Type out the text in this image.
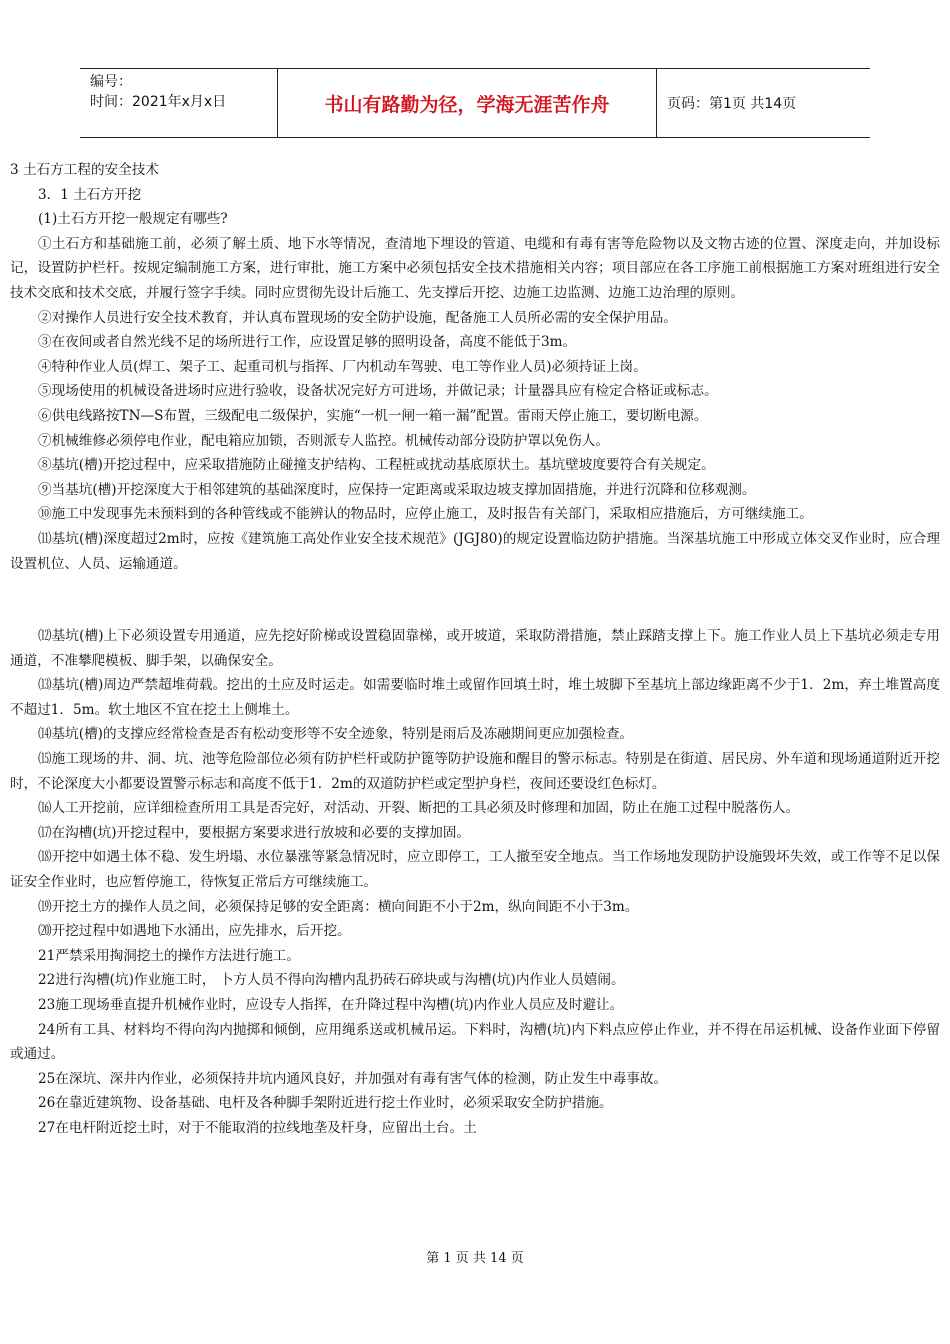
编号：
时间：2021年x月x日	书山有路勤为径，学海无涯苦作舟	页码：第1页 共14页

3 土石方工程的安全技术

3．1 土石方开挖

(1)土石方开挖一般规定有哪些?

①土石方和基础施工前，必须了解土质、地下水等情况，查清地下埋设的管道、电缆和有毒有害等危险物以及文物古迹的位置、深度走向，并加设标记，设置防护栏杆。按规定编制施工方案，进行审批，施工方案中必须包括安全技术措施相关内容；项目部应在各工序施工前根据施工方案对班组进行安全技术交底和技术交底，并履行签字手续。同时应贯彻先设计后施工、先支撑后开挖、边施工边监测、边施工边治理的原则。

②对操作人员进行安全技术教育，并认真布置现场的安全防护设施，配备施工人员所必需的安全保护用品。

③在夜间或者自然光线不足的场所进行工作，应设置足够的照明设备，高度不能低于3m。

④特种作业人员(焊工、架子工、起重司机与指挥、厂内机动车驾驶、电工等作业人员)必须持证上岗。

⑤现场使用的机械设备进场时应进行验收，设备状况完好方可进场，并做记录；计量器具应有检定合格证或标志。

⑥供电线路按TN—S布置，三级配电二级保护，实施“一机一闸一箱一漏”配置。雷雨天停止施工，要切断电源。

⑦机械维修必须停电作业，配电箱应加锁，否则派专人监控。机械传动部分设防护罩以免伤人。

⑧基坑(槽)开挖过程中，应采取措施防止碰撞支护结构、工程桩或扰动基底原状土。基坑壁坡度要符合有关规定。

⑨当基坑(槽)开挖深度大于相邻建筑的基础深度时，应保持一定距离或采取边坡支撑加固措施，并进行沉降和位移观测。

⑩施工中发现事先未预料到的各种管线或不能辨认的物品时，应停止施工，及时报告有关部门，采取相应措施后，方可继续施工。

⑾基坑(槽)深度超过2m时，应按《建筑施工高处作业安全技术规范》(JGJ80)的规定设置临边防护措施。当深基坑施工中形成立体交叉作业时，应合理设置机位、人员、运输通道。

⑿基坑(槽)上下必须设置专用通道，应先挖好阶梯或设置稳固靠梯，或开坡道，采取防滑措施，禁止踩踏支撑上下。施工作业人员上下基坑必须走专用通道，不准攀爬模板、脚手架，以确保安全。

⒀基坑(槽)周边严禁超堆荷载。挖出的土应及时运走。如需要临时堆土或留作回填土时，堆土坡脚下至基坑上部边缘距离不少于1．2m，弃土堆置高度不超过1．5m。软土地区不宜在挖土上侧堆土。

⒁基坑(槽)的支撑应经常检查是否有松动变形等不安全迹象，特别是雨后及冻融期间更应加强检查。

⒂施工现场的井、洞、坑、池等危险部位必须有防护栏杆或防护篦等防护设施和醒目的警示标志。特别是在街道、居民房、外车道和现场通道附近开挖时，不论深度大小都要设置警示标志和高度不低于1．2m的双道防护栏或定型护身栏，夜间还要设红色标灯。

⒃人工开挖前，应详细检查所用工具是否完好，对活动、开裂、断把的工具必须及时修理和加固，防止在施工过程中脱落伤人。

⒄在沟槽(坑)开挖过程中，要根据方案要求进行放坡和必要的支撑加固。

⒅开挖中如遇土体不稳、发生坍塌、水位暴涨等紧急情况时，应立即停工，工人撤至安全地点。当工作场地发现防护设施毁坏失效，或工作等不足以保证安全作业时，也应暂停施工，待恢复正常后方可继续施工。

⒆开挖土方的操作人员之间，必须保持足够的安全距离：横向间距不小于2m，纵向间距不小于3m。

⒇开挖过程中如遇地下水涌出，应先排水，后开挖。

21严禁采用掏洞挖土的操作方法进行施工。

22进行沟槽(坑)作业施工时， 卜方人员不得向沟槽内乱扔砖石碎块或与沟槽(坑)内作业人员嬉闹。

23施工现场垂直提升机械作业时，应设专人指挥，在升降过程中沟槽(坑)内作业人员应及时避让。

24所有工具、材料均不得向沟内抛掷和倾倒，应用绳系送或机械吊运。下料时，沟槽(坑)内下料点应停止作业，并不得在吊运机械、设备作业面下停留或通过。

25在深坑、深井内作业，必须保持井坑内通风良好，并加强对有毒有害气体的检测，防止发生中毒事故。

26在靠近建筑物、设备基础、电杆及各种脚手架附近进行挖土作业时，必须采取安全防护措施。

27在电杆附近挖土时，对于不能取消的拉线地垄及杆身，应留出土台。土

第 1 页 共 14 页
